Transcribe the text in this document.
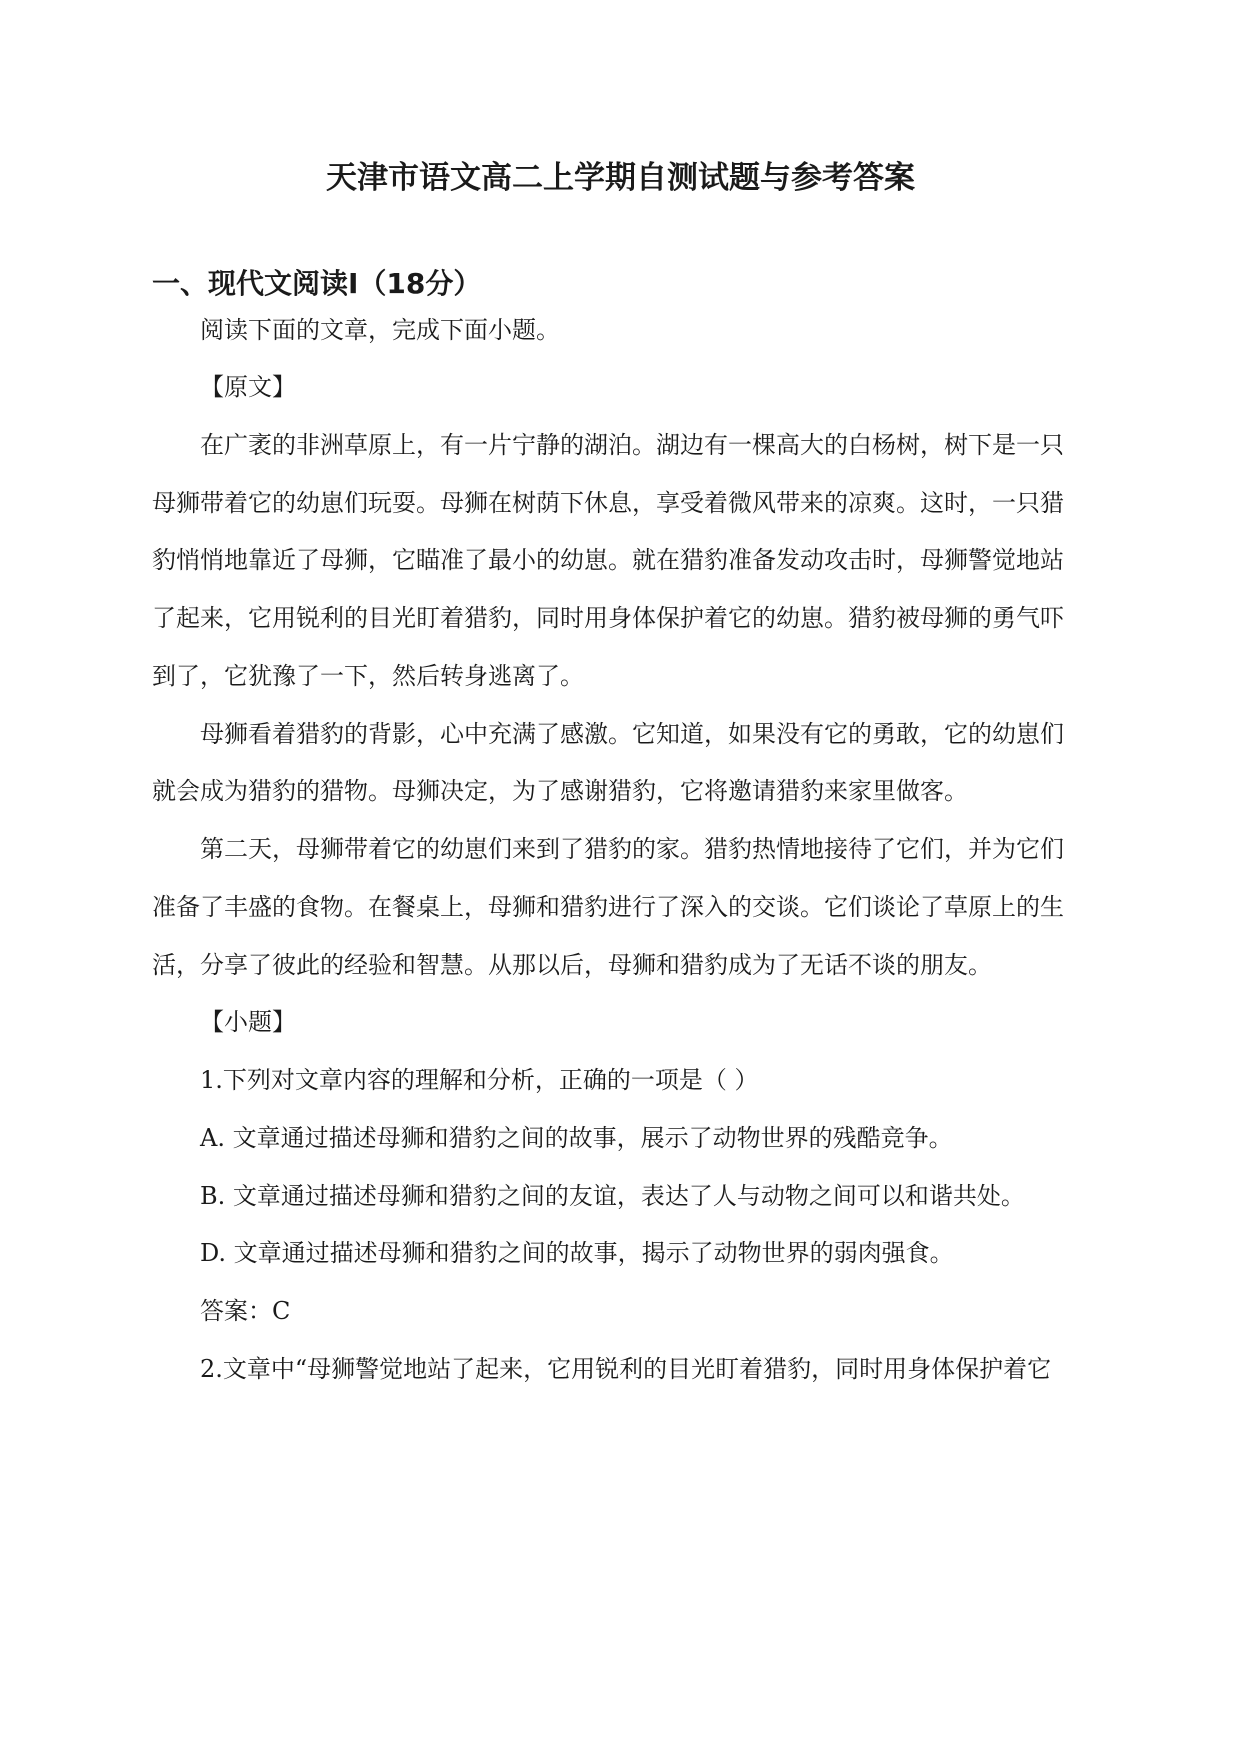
天津市语文高二上学期自测试题与参考答案
一、现代文阅读Ⅰ（18分）
阅读下面的文章，完成下面小题。
【原文】
在广袤的非洲草原上，有一片宁静的湖泊。湖边有一棵高大的白杨树，树下是一只
母狮带着它的幼崽们玩耍。母狮在树荫下休息，享受着微风带来的凉爽。这时，一只猎
豹悄悄地靠近了母狮，它瞄准了最小的幼崽。就在猎豹准备发动攻击时，母狮警觉地站
了起来，它用锐利的目光盯着猎豹，同时用身体保护着它的幼崽。猎豹被母狮的勇气吓
到了，它犹豫了一下，然后转身逃离了。
母狮看着猎豹的背影，心中充满了感激。它知道，如果没有它的勇敢，它的幼崽们
就会成为猎豹的猎物。母狮决定，为了感谢猎豹，它将邀请猎豹来家里做客。
第二天，母狮带着它的幼崽们来到了猎豹的家。猎豹热情地接待了它们，并为它们
准备了丰盛的食物。在餐桌上，母狮和猎豹进行了深入的交谈。它们谈论了草原上的生
活，分享了彼此的经验和智慧。从那以后，母狮和猎豹成为了无话不谈的朋友。
【小题】
1.下列对文章内容的理解和分析，正确的一项是（ ）
A. 文章通过描述母狮和猎豹之间的故事，展示了动物世界的残酷竞争。
B. 文章通过描述母狮和猎豹之间的友谊，表达了人与动物之间可以和谐共处。
D. 文章通过描述母狮和猎豹之间的故事，揭示了动物世界的弱肉强食。
答案：C
2.文章中“母狮警觉地站了起来，它用锐利的目光盯着猎豹，同时用身体保护着它
